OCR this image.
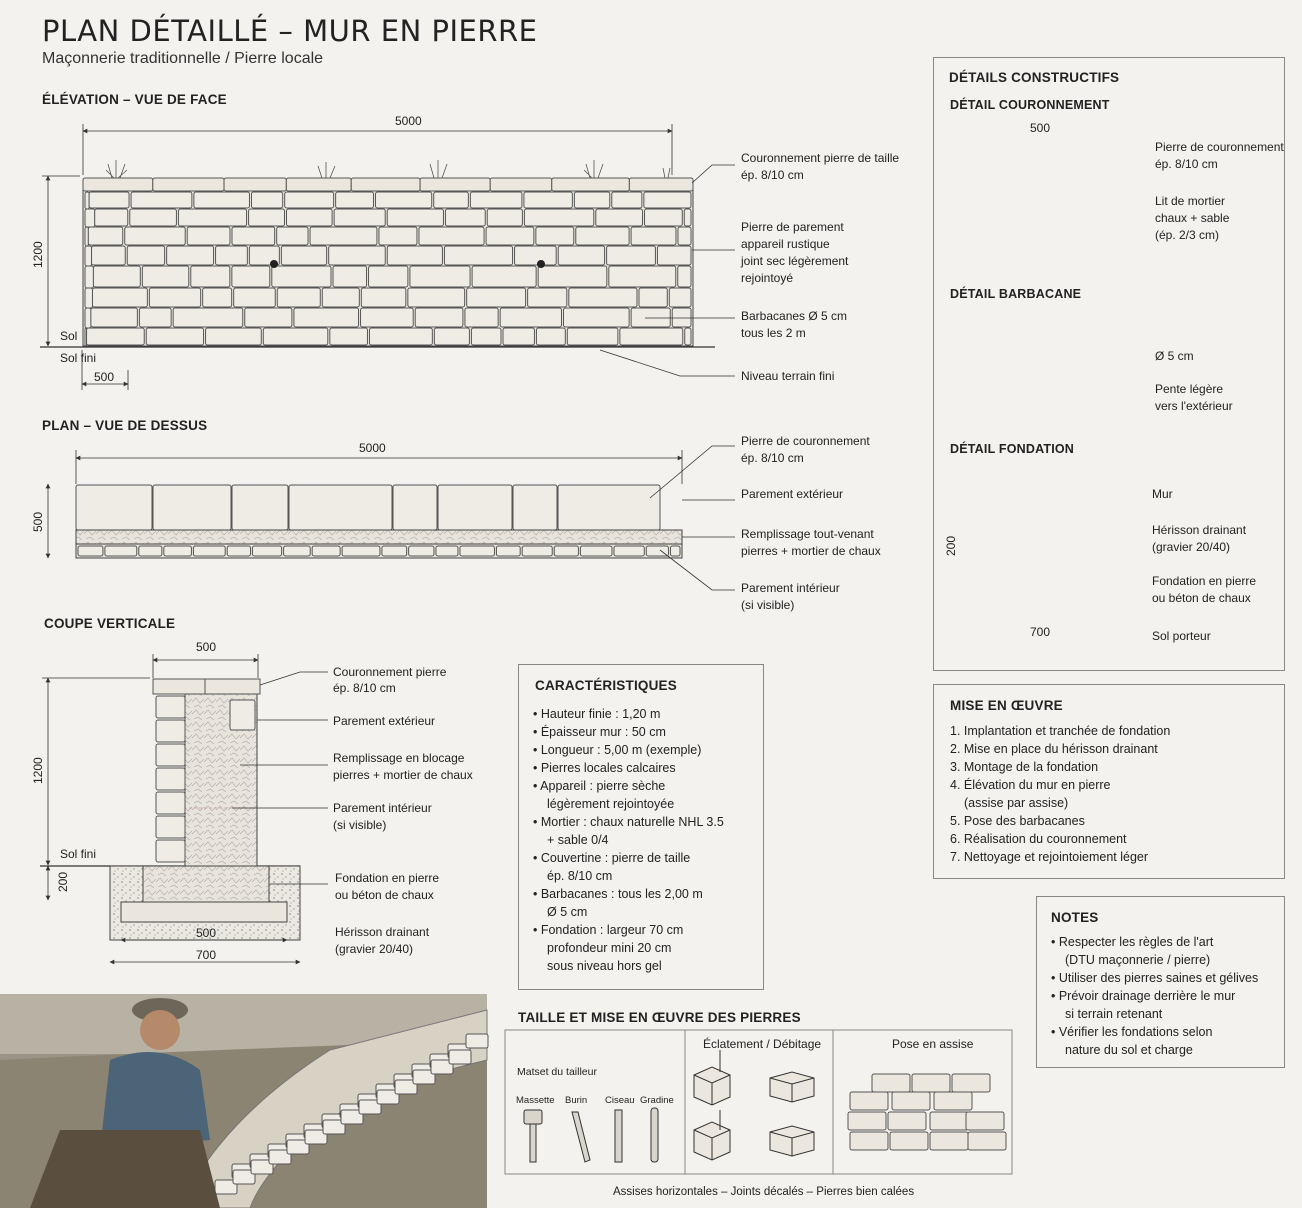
PLAN DÉTAILLÉ – MUR EN PIERRE
Maçonnerie traditionnelle / Pierre locale
ÉLÉVATION – VUE DE FACE
5000
1200
500
Sol
Sol fini
Couronnement pierre de taille
ép. 8/10 cm
Pierre de parement
appareil rustique
joint sec légèrement
rejointoyé
Barbacanes Ø 5 cm
tous les 2 m
Niveau terrain fini
PLAN – VUE DE DESSUS
5000
500
Pierre de couronnement
ép. 8/10 cm
Parement extérieur
Remplissage tout-venant
pierres + mortier de chaux
Parement intérieur
(si visible)
COUPE VERTICALE
500
1200
200
Sol fini
500
700
Couronnement pierre
ép. 8/10 cm
Parement extérieur
Remplissage en blocage
pierres + mortier de chaux
Parement intérieur
(si visible)
Fondation en pierre
ou béton de chaux
Hérisson drainant
(gravier 20/40)
CARACTÉRISTIQUES
• Hauteur finie : 1,20 m
• Épaisseur mur : 50 cm
• Longueur : 5,00 m (exemple)
• Pierres locales calcaires
• Appareil : pierre sèche
légèrement rejointoyée
• Mortier : chaux naturelle NHL 3.5
+ sable 0/4
• Couvertine : pierre de taille
ép. 8/10 cm
• Barbacanes : tous les 2,00 m
Ø 5 cm
• Fondation : largeur 70 cm
profondeur mini 20 cm
sous niveau hors gel
DÉTAILS CONSTRUCTIFS
DÉTAIL COURONNEMENT
DÉTAIL BARBACANE
DÉTAIL FONDATION
500
Pierre de couronnement
ép. 8/10 cm
Lit de mortier
chaux + sable
(ép. 2/3 cm)
Ø 5 cm
Pente légère
vers l'extérieur
200
700
Mur
Hérisson drainant
(gravier 20/40)
Fondation en pierre
ou béton de chaux
Sol porteur
MISE EN ŒUVRE
1. Implantation et tranchée de fondation
2. Mise en place du hérisson drainant
3. Montage de la fondation
4. Élévation du mur en pierre
(assise par assise)
5. Pose des barbacanes
6. Réalisation du couronnement
7. Nettoyage et rejointoiement léger
NOTES
• Respecter les règles de l'art
(DTU maçonnerie / pierre)
• Utiliser des pierres saines et gélives
• Prévoir drainage derrière le mur
si terrain retenant
• Vérifier les fondations selon
nature du sol et charge
TAILLE ET MISE EN ŒUVRE DES PIERRES
Matset du tailleur
Massette Burin Ciseau Gradine
Éclatement / Débitage	Pose en assise
Assises horizontales – Joints décalés – Pierres bien calées
